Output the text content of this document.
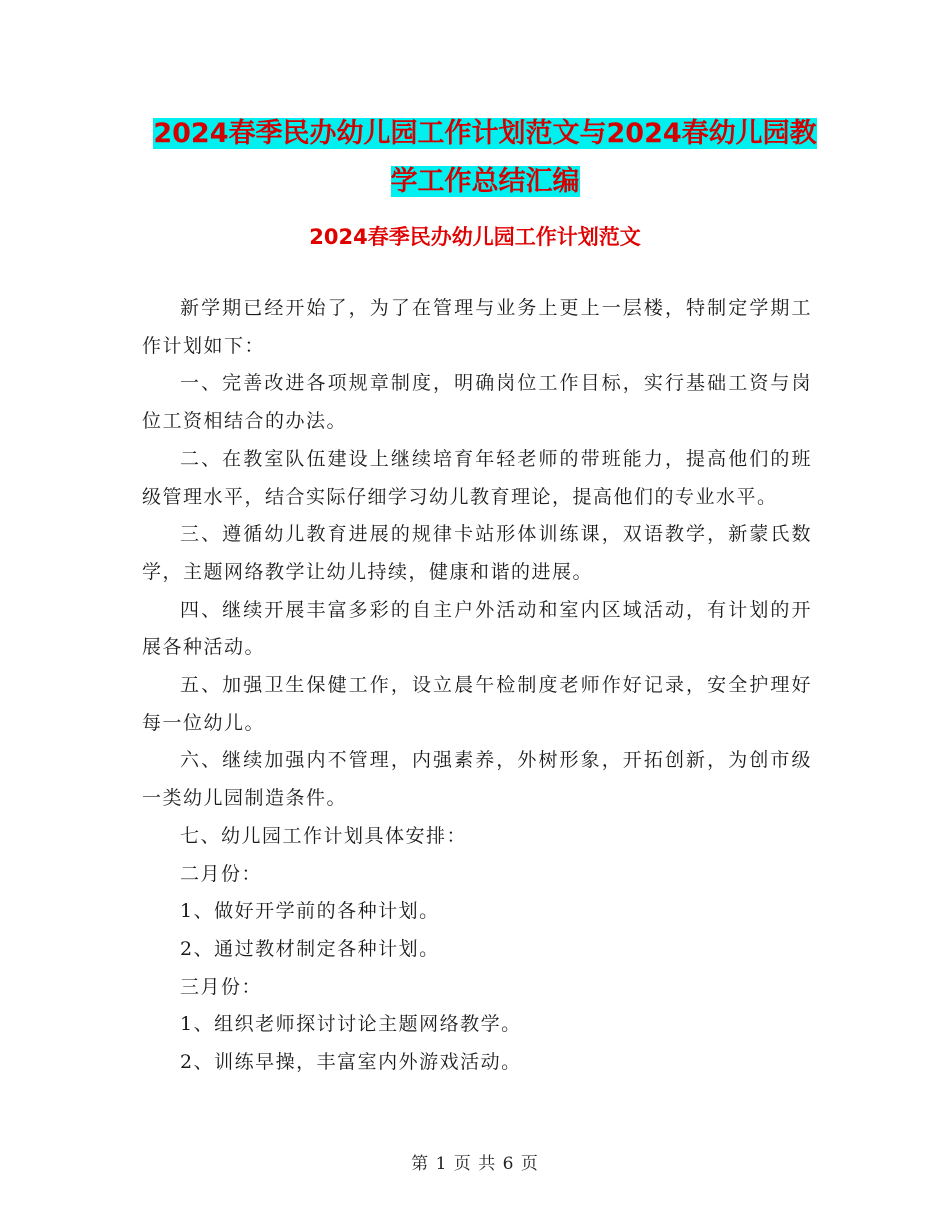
2024春季民办幼儿园工作计划范文与2024春幼儿园教学工作总结汇编
2024春季民办幼儿园工作计划范文

新学期已经开始了，为了在管理与业务上更上一层楼，特制定学期工作计划如下：

一、完善改进各项规章制度，明确岗位工作目标，实行基础工资与岗位工资相结合的办法。

二、在教室队伍建设上继续培育年轻老师的带班能力，提高他们的班级管理水平，结合实际仔细学习幼儿教育理论，提高他们的专业水平。

三、遵循幼儿教育进展的规律卡站形体训练课，双语教学，新蒙氏数学，主题网络教学让幼儿持续，健康和谐的进展。

四、继续开展丰富多彩的自主户外活动和室内区域活动，有计划的开展各种活动。

五、加强卫生保健工作，设立晨午检制度老师作好记录，安全护理好每一位幼儿。

六、继续加强内不管理，内强素养，外树形象，开拓创新，为创市级一类幼儿园制造条件。

七、幼儿园工作计划具体安排：

二月份：

1、做好开学前的各种计划。

2、通过教材制定各种计划。

三月份：

1、组织老师探讨讨论主题网络教学。

2、训练早操，丰富室内外游戏活动。

第 1 页 共 6 页
